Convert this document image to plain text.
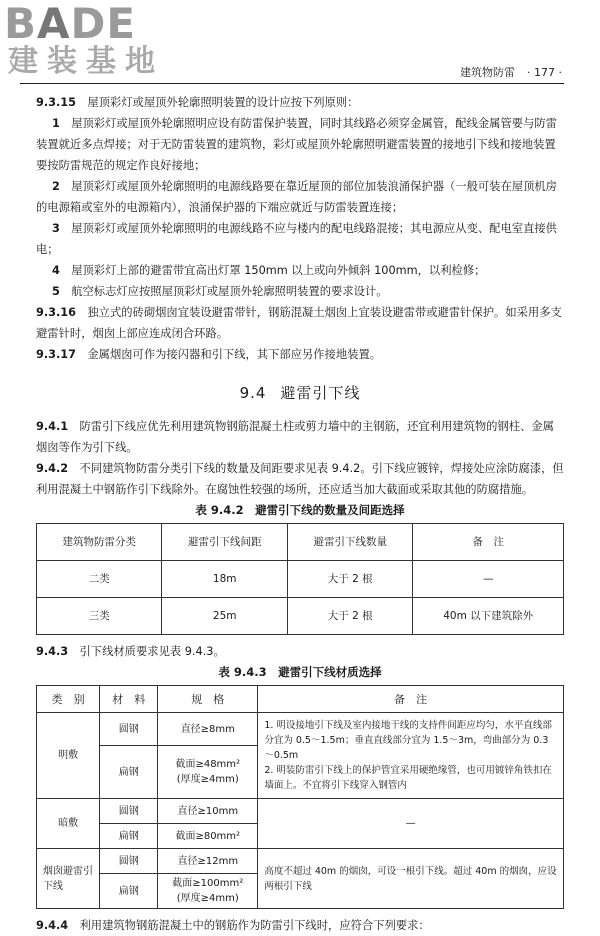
BADE
建装基地	建筑物防雷 · 177 ·

9.3.15　 屋顶彩灯或屋顶外轮廓照明装置的设计应按下列原则：

1　 屋顶彩灯或屋顶外轮廓照明应设有防雷保护装置，同时其线路必须穿金属管，配线金属管要与防雷装置就近多点焊接；对于无防雷装置的建筑物，彩灯或屋顶外轮廓照明避雷装置的接地引下线和接地装置要按防雷规范的规定作良好接地；

2　 屋顶彩灯或屋顶外轮廓照明的电源线路要在靠近屋顶的部位加装浪涌保护器（一般可装在屋顶机房的电源箱或室外的电源箱内），浪涌保护器的下端应就近与防雷装置连接；

3　 屋顶彩灯或屋顶外轮廓照明的电源线路不应与楼内的配电线路混接；其电源应从变、配电室直接供电；

4　 屋顶彩灯上部的避雷带宜高出灯罩 150mm 以上或向外倾斜 100mm，以利检修；

5　 航空标志灯应按照屋顶彩灯或屋顶外轮廓照明装置的要求设计。

9.3.16　 独立式的砖砌烟囱宜装设避雷带针，钢筋混凝土烟囱上宜装设避雷带或避雷针保护。如采用多支避雷针时，烟囱上部应连成闭合环路。

9.3.17　 金属烟囱可作为接闪器和引下线，其下部应另作接地装置。

9.4 避雷引下线

9.4.1　 防雷引下线应优先利用建筑物钢筋混凝土柱或剪力墙中的主钢筋，还宜利用建筑物的钢柱、金属烟囱等作为引下线。

9.4.2　 不同建筑物防雷分类引下线的数量及间距要求见表 9.4.2。引下线应镀锌，焊接处应涂防腐漆，但利用混凝土中钢筋作引下线除外。在腐蚀性较强的场所，还应适当加大截面或采取其他的防腐措施。

表 9.4.2　避雷引下线的数量及间距选择
建筑物防雷分类	避雷引下线间距	避雷引下线数量	备　注
二类	18m	大于 2 根	—
三类	25m	大于 2 根	40m 以下建筑除外

9.4.3　 引下线材质要求见表 9.4.3。

表 9.4.3　避雷引下线材质选择
类　别	材　料	规　格	备　注
明敷	圆钢	直径≥8mm	1. 明设接地引下线及室内接地干线的支持件间距应均匀，水平直线部分宜为 0.5～1.5m；垂直直线部分宜为 1.5～3m，弯曲部分为 0.3～0.5m
2. 明装防雷引下线上的保护管宜采用硬绝缘管，也可用镀锌角铁扣在墙面上。不宜将引下线穿入钢管内

	扁钢	截面≥48mm²
(厚度≥4mm)	

暗敷	圆钢	直径≥10mm	—
	扁钢	截面≥80mm²	
烟囱避雷引下线	圆钢	直径≥12mm	高度不超过 40m 的烟囱，可设一根引下线。超过 40m 的烟囱，应设两根引下线
	扁钢	截面≥100mm²
(厚度≥4mm)	

9.4.4　 利用建筑物钢筋混凝土中的钢筋作为防雷引下线时，应符合下列要求：
